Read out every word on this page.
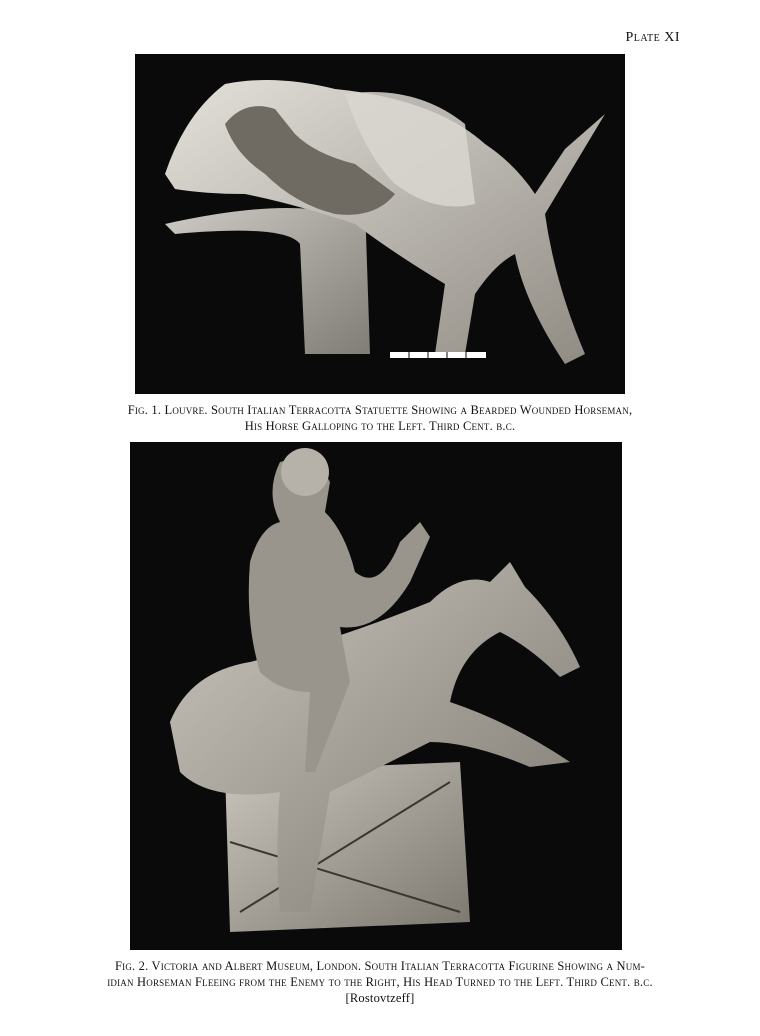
Plate XI
Fig. 1. Louvre. South Italian Terracotta Statuette Showing a Bearded Wounded Horseman,
His Horse Galloping to the Left. Third Cent. b.c.
Fig. 2. Victoria and Albert Museum, London. South Italian Terracotta Figurine Showing a Num-
idian Horseman Fleeing from the Enemy to the Right, His Head Turned to the Left. Third Cent. b.c.
[Rostovtzeff]
